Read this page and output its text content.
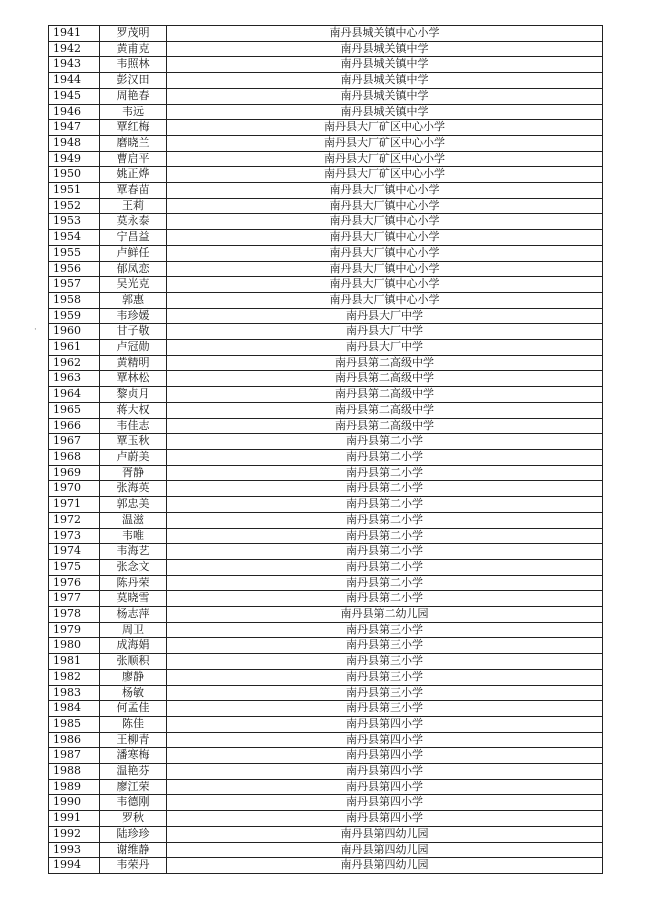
·
1941	罗茂明	南丹县城关镇中心小学
1942	黄甫克	南丹县城关镇中学
1943	韦照林	南丹县城关镇中学
1944	彭汉田	南丹县城关镇中学
1945	周艳春	南丹县城关镇中学
1946	韦远	南丹县城关镇中学
1947	覃红梅	南丹县大厂矿区中心小学
1948	磨晓兰	南丹县大厂矿区中心小学
1949	曹启平	南丹县大厂矿区中心小学
1950	姚正烨	南丹县大厂矿区中心小学
1951	覃春苗	南丹县大厂镇中心小学
1952	王莉	南丹县大厂镇中心小学
1953	莫永泰	南丹县大厂镇中心小学
1954	宁昌益	南丹县大厂镇中心小学
1955	卢鲜任	南丹县大厂镇中心小学
1956	郁凤恋	南丹县大厂镇中心小学
1957	吴光克	南丹县大厂镇中心小学
1958	郭惠	南丹县大厂镇中心小学
1959	韦珍媛	南丹县大厂中学
1960	甘子敬	南丹县大厂中学
1961	卢冠勋	南丹县大厂中学
1962	黄精明	南丹县第二高级中学
1963	覃林松	南丹县第二高级中学
1964	黎贞月	南丹县第二高级中学
1965	蒋大权	南丹县第二高级中学
1966	韦佳志	南丹县第二高级中学
1967	覃玉秋	南丹县第二小学
1968	卢蔚美	南丹县第二小学
1969	胥静	南丹县第二小学
1970	张海英	南丹县第二小学
1971	郭忠美	南丹县第二小学
1972	温滋	南丹县第二小学
1973	韦唯	南丹县第二小学
1974	韦海艺	南丹县第二小学
1975	张念文	南丹县第二小学
1976	陈丹荣	南丹县第二小学
1977	莫晓雪	南丹县第二小学
1978	杨志萍	南丹县第二幼儿园
1979	周卫	南丹县第三小学
1980	成海娟	南丹县第三小学
1981	张顺积	南丹县第三小学
1982	廖静	南丹县第三小学
1983	杨敏	南丹县第三小学
1984	何孟佳	南丹县第三小学
1985	陈佳	南丹县第四小学
1986	王柳青	南丹县第四小学
1987	潘寒梅	南丹县第四小学
1988	温艳芬	南丹县第四小学
1989	廖江荣	南丹县第四小学
1990	韦德刚	南丹县第四小学
1991	罗秋	南丹县第四小学
1992	陆珍珍	南丹县第四幼儿园
1993	谢维静	南丹县第四幼儿园
1994	韦荣丹	南丹县第四幼儿园
